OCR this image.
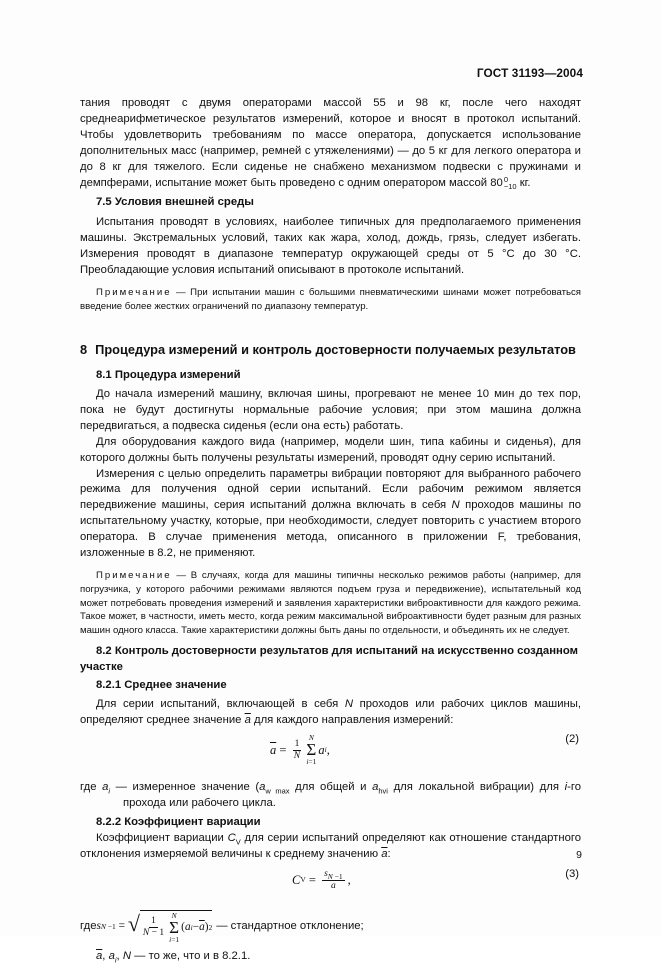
ГОСТ 31193—2004

тания проводят с двумя операторами массой 55 и 98 кг, после чего находят среднеарифметическое результатов измерений, которое и вносят в протокол испытаний. Чтобы удовлетворить требованиям по массе оператора, допускается использование дополнительных масс (например, ремней с утяжелениями) — до 5 кг для легкого оператора и до 8 кг для тяжелого. Если сиденье не снабжено механизмом подвески с пружинами и демпферами, испытание может быть проведено с одним оператором массой 80 0
−10 кг.

7.5 Условия внешней среды

Испытания проводят в условиях, наиболее типичных для предполагаемого применения машины. Экстремальных условий, таких как жара, холод, дождь, грязь, следует избегать. Измерения проводят в диапазоне температур окружающей среды от 5 °С до 30 °С. Преобладающие условия испытаний описывают в протоколе испытаний.

Примечание — При испытании машин с большими пневматическими шинами может потребоваться введение более жестких ограничений по диапазону температур.
8 Процедура измерений и контроль достоверности получаемых результатов
8.1 Процедура измерений

До начала измерений машину, включая шины, прогревают не менее 10 мин до тех пор, пока не будут достигнуты нормальные рабочие условия; при этом машина должна передвигаться, а подвеска сиденья (если она есть) работать.

Для оборудования каждого вида (например, модели шин, типа кабины и сиденья), для которого должны быть получены результаты измерений, проводят одну серию испытаний.

Измерения с целью определить параметры вибрации повторяют для выбранного рабочего режима для получения одной серии испытаний. Если рабочим режимом является передвижение машины, серия испытаний должна включать в себя N проходов машины по испытательному участку, которые, при необходимости, следует повторить с участием второго оператора. В случае применения метода, описанного в приложении F, требования, изложенные в 8.2, не применяют.

Примечание — В случаях, когда для машины типичны несколько режимов работы (например, для погрузчика, у которого рабочими режимами являются подъем груза и передвижение), испытательный код может потребовать проведения измерений и заявления характеристики виброактивности для каждого режима. Такое может, в частности, иметь место, когда режим максимальной виброактивности будет разным для разных машин одного класса. Такие характеристики должны быть даны по отдельности, и объединять их не следует.

8.2 Контроль достоверности результатов для испытаний на искусственно созданном участке

8.2.1 Среднее значение

Для серии испытаний, включающей в себя N проходов или рабочих циклов машины, определяют среднее значение $\overline{a}$ для каждого направления измерений:

$\overline{a} = \frac{1}{N}$
N
Σ
i=1
a i ,
(2)

где $a_i$ — измеренное значение ($a_{w max}$ для общей и $a_{hvi}$ для локальной вибрации) для i-го прохода или рабочего цикла.

8.2.2 Коэффициент вариации

Коэффициент вариации $C_V$ для серии испытаний определяют как отношение стандартного отклонения измеряемой величины к среднему значению $\overline{a}$:

C $V = \frac{s_{N -1}}{a}$ ,	(3)
где s N −1 = √ $\frac{1}{N - 1}$
N
Σ
i=1
( a $i - \overline{a}$ ) 2 — стандартное отклонение;

$\overline{a}$, $a_i$, N — то же, что и в 8.2.1.

9
